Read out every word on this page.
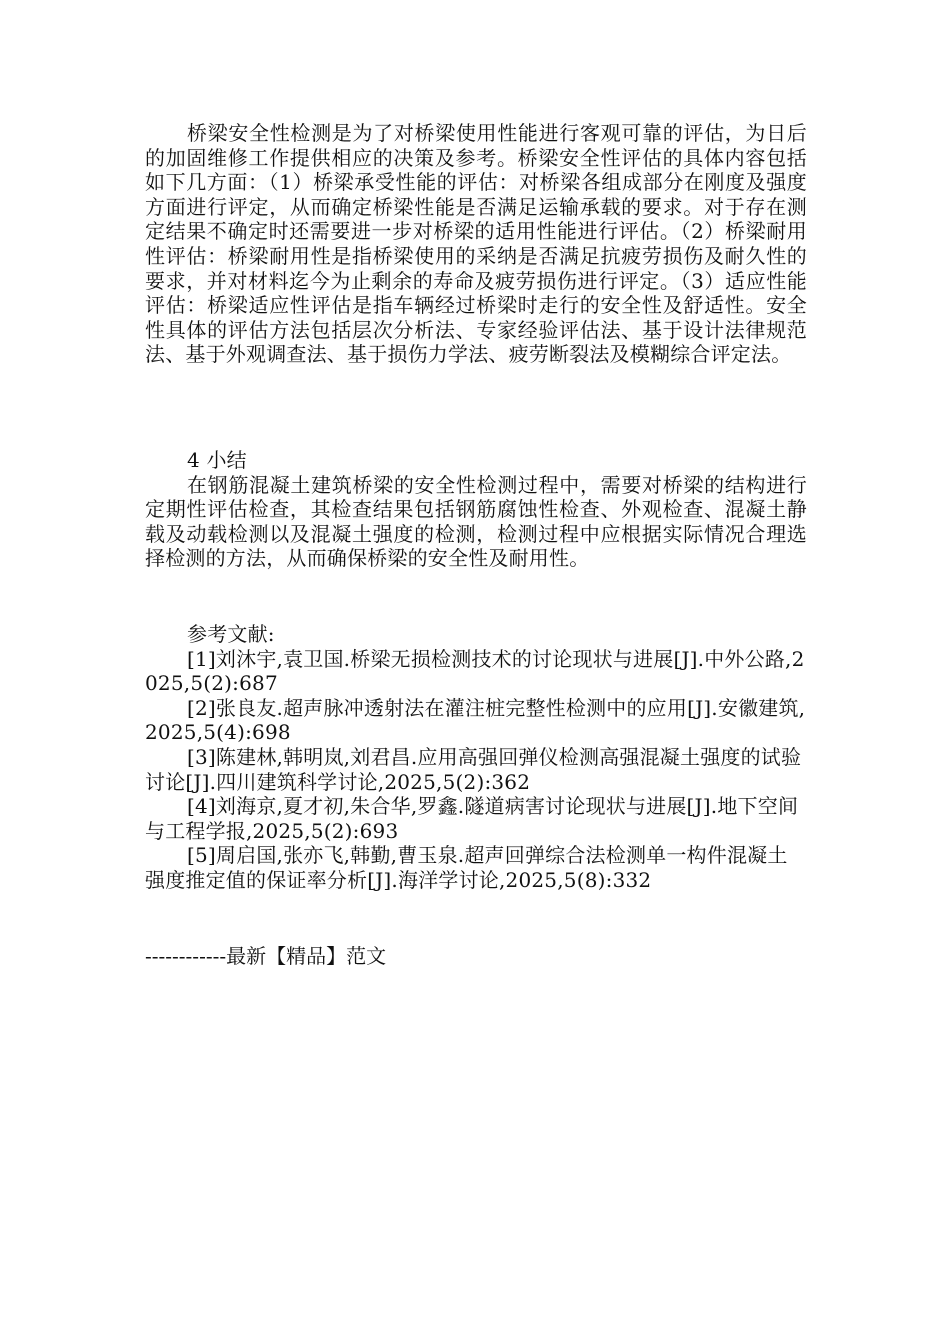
桥梁安全性检测是为了对桥梁使用性能进行客观可靠的评估，为日后的加固维修工作提供相应的决策及参考。桥梁安全性评估的具体内容包括如下几方面：（1）桥梁承受性能的评估：对桥梁各组成部分在刚度及强度方面进行评定，从而确定桥梁性能是否满足运输承载的要求。对于存在测定结果不确定时还需要进一步对桥梁的适用性能进行评估。（2）桥梁耐用性评估：桥梁耐用性是指桥梁使用的采纳是否满足抗疲劳损伤及耐久性的要求，并对材料迄今为止剩余的寿命及疲劳损伤进行评定。（3）适应性能评估：桥梁适应性评估是指车辆经过桥梁时走行的安全性及舒适性。安全性具体的评估方法包括层次分析法、专家经验评估法、基于设计法律规范法、基于外观调查法、基于损伤力学法、疲劳断裂法及模糊综合评定法。

4 小结

在钢筋混凝土建筑桥梁的安全性检测过程中，需要对桥梁的结构进行定期性评估检查，其检查结果包括钢筋腐蚀性检查、外观检查、混凝土静载及动载检测以及混凝土强度的检测，检测过程中应根据实际情况合理选择检测的方法，从而确保桥梁的安全性及耐用性。

参考文献:

[1]刘沐宇,袁卫国.桥梁无损检测技术的讨论现状与进展[J].中外公路,2025,5(2):687

[2]张良友.超声脉冲透射法在灌注桩完整性检测中的应用[J].安徽建筑,2025,5(4):698

[3]陈建林,韩明岚,刘君昌.应用高强回弹仪检测高强混凝土强度的试验讨论[J].四川建筑科学讨论,2025,5(2):362

[4]刘海京,夏才初,朱合华,罗鑫.隧道病害讨论现状与进展[J].地下空间与工程学报,2025,5(2):693

[5]周启国,张亦飞,韩勤,曹玉泉.超声回弹综合法检测单一构件混凝土强度推定值的保证率分析[J].海洋学讨论,2025,5(8):332

------------最新【精品】范文
